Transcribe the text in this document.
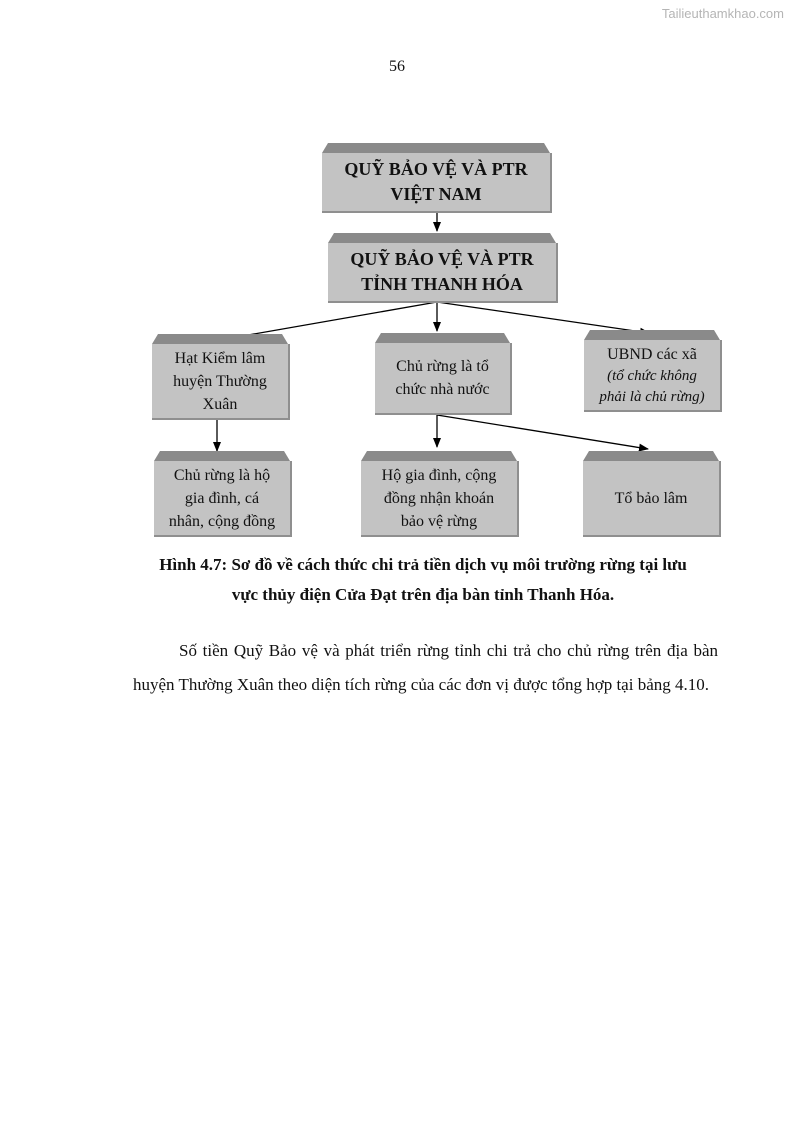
Tailieuthamkhao.com
56
QUỸ BẢO VỆ VÀ PTR
VIỆT NAM
QUỸ BẢO VỆ VÀ PTR
TỈNH THANH HÓA
Hạt Kiểm lâm
huyện Thường
Xuân
Chủ rừng là tổ
chức nhà nước
UBND các xã
(tổ chức không
phải là chủ rừng)
Chủ rừng là hộ
gia đình, cá
nhân, cộng đồng
Hộ gia đình, cộng
đồng nhận khoán
bảo vệ rừng
Tổ bảo lâm
Hình 4.7: Sơ đồ về cách thức chi trả tiền dịch vụ môi trường rừng tại lưu
vực thủy điện Cửa Đạt trên địa bàn tỉnh Thanh Hóa.

Số tiền Quỹ Bảo vệ và phát triển rừng tỉnh chi trả cho chủ rừng trên địa bàn huyện Thường Xuân theo diện tích rừng của các đơn vị được tổng hợp tại bảng 4.10.
